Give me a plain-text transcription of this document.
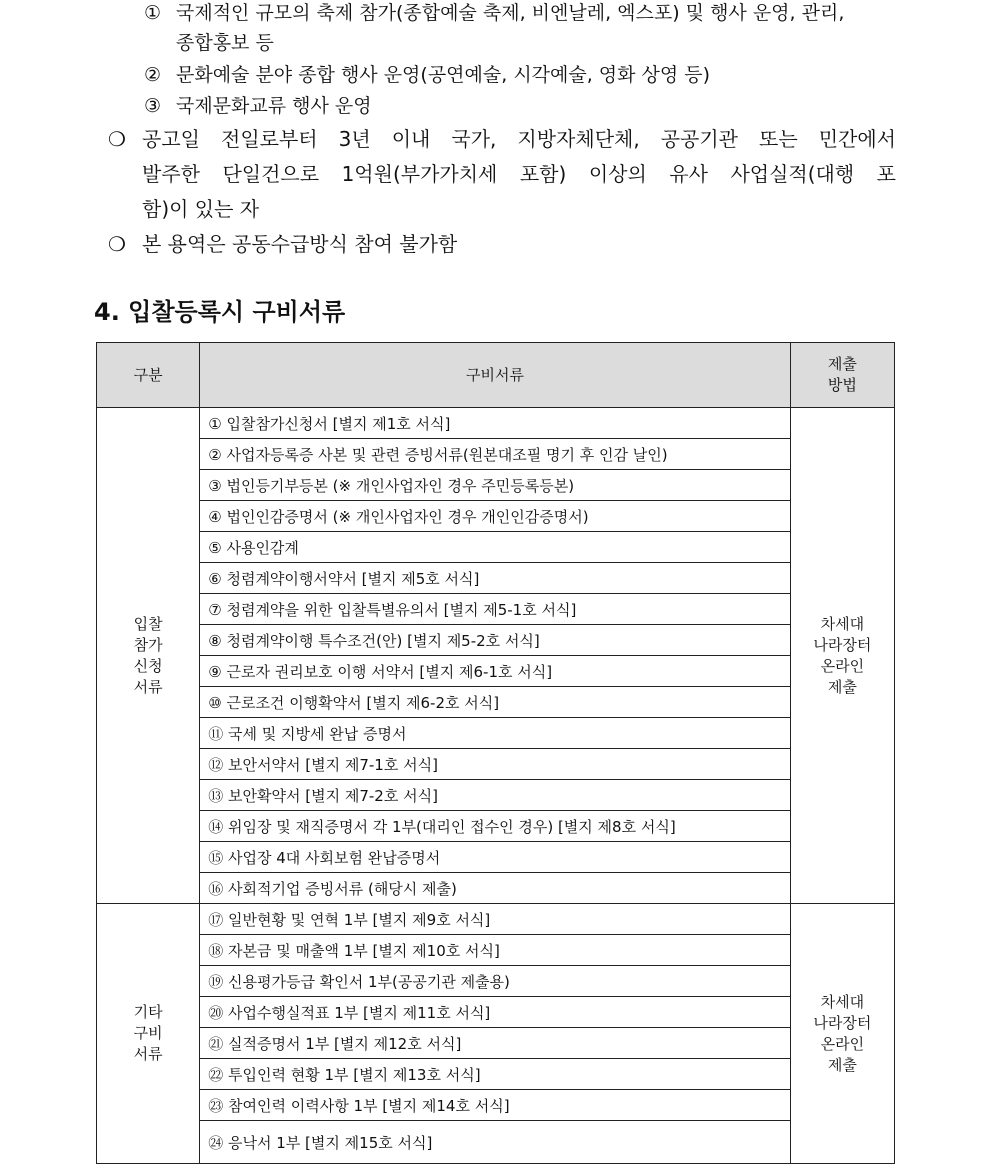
① 국제적인 규모의 축제 참가(종합예술 축제, 비엔날레, 엑스포) 및 행사 운영, 관리,
종합홍보 등
② 문화예술 분야 종합 행사 운영(공연예술, 시각예술, 영화 상영 등)
③ 국제문화교류 행사 운영
❍ 공고일 전일로부터 3년 이내 국가, 지방자체단체, 공공기관 또는 민간에서
발주한 단일건으로 1억원(부가가치세 포함) 이상의 유사 사업실적(대행 포
함)이 있는 자
❍ 본 용역은 공동수급방식 참여 불가함
4. 입찰등록시 구비서류
구분	구비서류	제출
방법

입찰
참가
신청
서류	① 입찰참가신청서 [별지 제1호 서식]	차세대
나라장터
온라인
제출

	② 사업자등록증 사본 및 관련 증빙서류(원본대조필 명기 후 인감 날인)	
	③ 법인등기부등본 (※ 개인사업자인 경우 주민등록등본)	
	④ 법인인감증명서 (※ 개인사업자인 경우 개인인감증명서)	
	⑤ 사용인감계	
	⑥ 청렴계약이행서약서 [별지 제5호 서식]	
	⑦ 청렴계약을 위한 입찰특별유의서 [별지 제5-1호 서식]	
	⑧ 청렴계약이행 특수조건(안) [별지 제5-2호 서식]	
	⑨ 근로자 권리보호 이행 서약서 [별지 제6-1호 서식]	
	⑩ 근로조건 이행확약서 [별지 제6-2호 서식]	
	⑪ 국세 및 지방세 완납 증명서	
	⑫ 보안서약서 [별지 제7-1호 서식]	
	⑬ 보안확약서 [별지 제7-2호 서식]	
	⑭ 위임장 및 재직증명서 각 1부(대리인 접수인 경우) [별지 제8호 서식]	
	⑮ 사업장 4대 사회보험 완납증명서	
	⑯ 사회적기업 증빙서류 (해당시 제출)	

기타
구비
서류	⑰ 일반현황 및 연혁 1부 [별지 제9호 서식]	차세대
나라장터
온라인
제출

	⑱ 자본금 및 매출액 1부 [별지 제10호 서식]	
	⑲ 신용평가등급 확인서 1부(공공기관 제출용)	
	⑳ 사업수행실적표 1부 [별지 제11호 서식]	
	㉑ 실적증명서 1부 [별지 제12호 서식]	
	㉒ 투입인력 현황 1부 [별지 제13호 서식]	
	㉓ 참여인력 이력사항 1부 [별지 제14호 서식]	
	㉔ 응낙서 1부 [별지 제15호 서식]	
